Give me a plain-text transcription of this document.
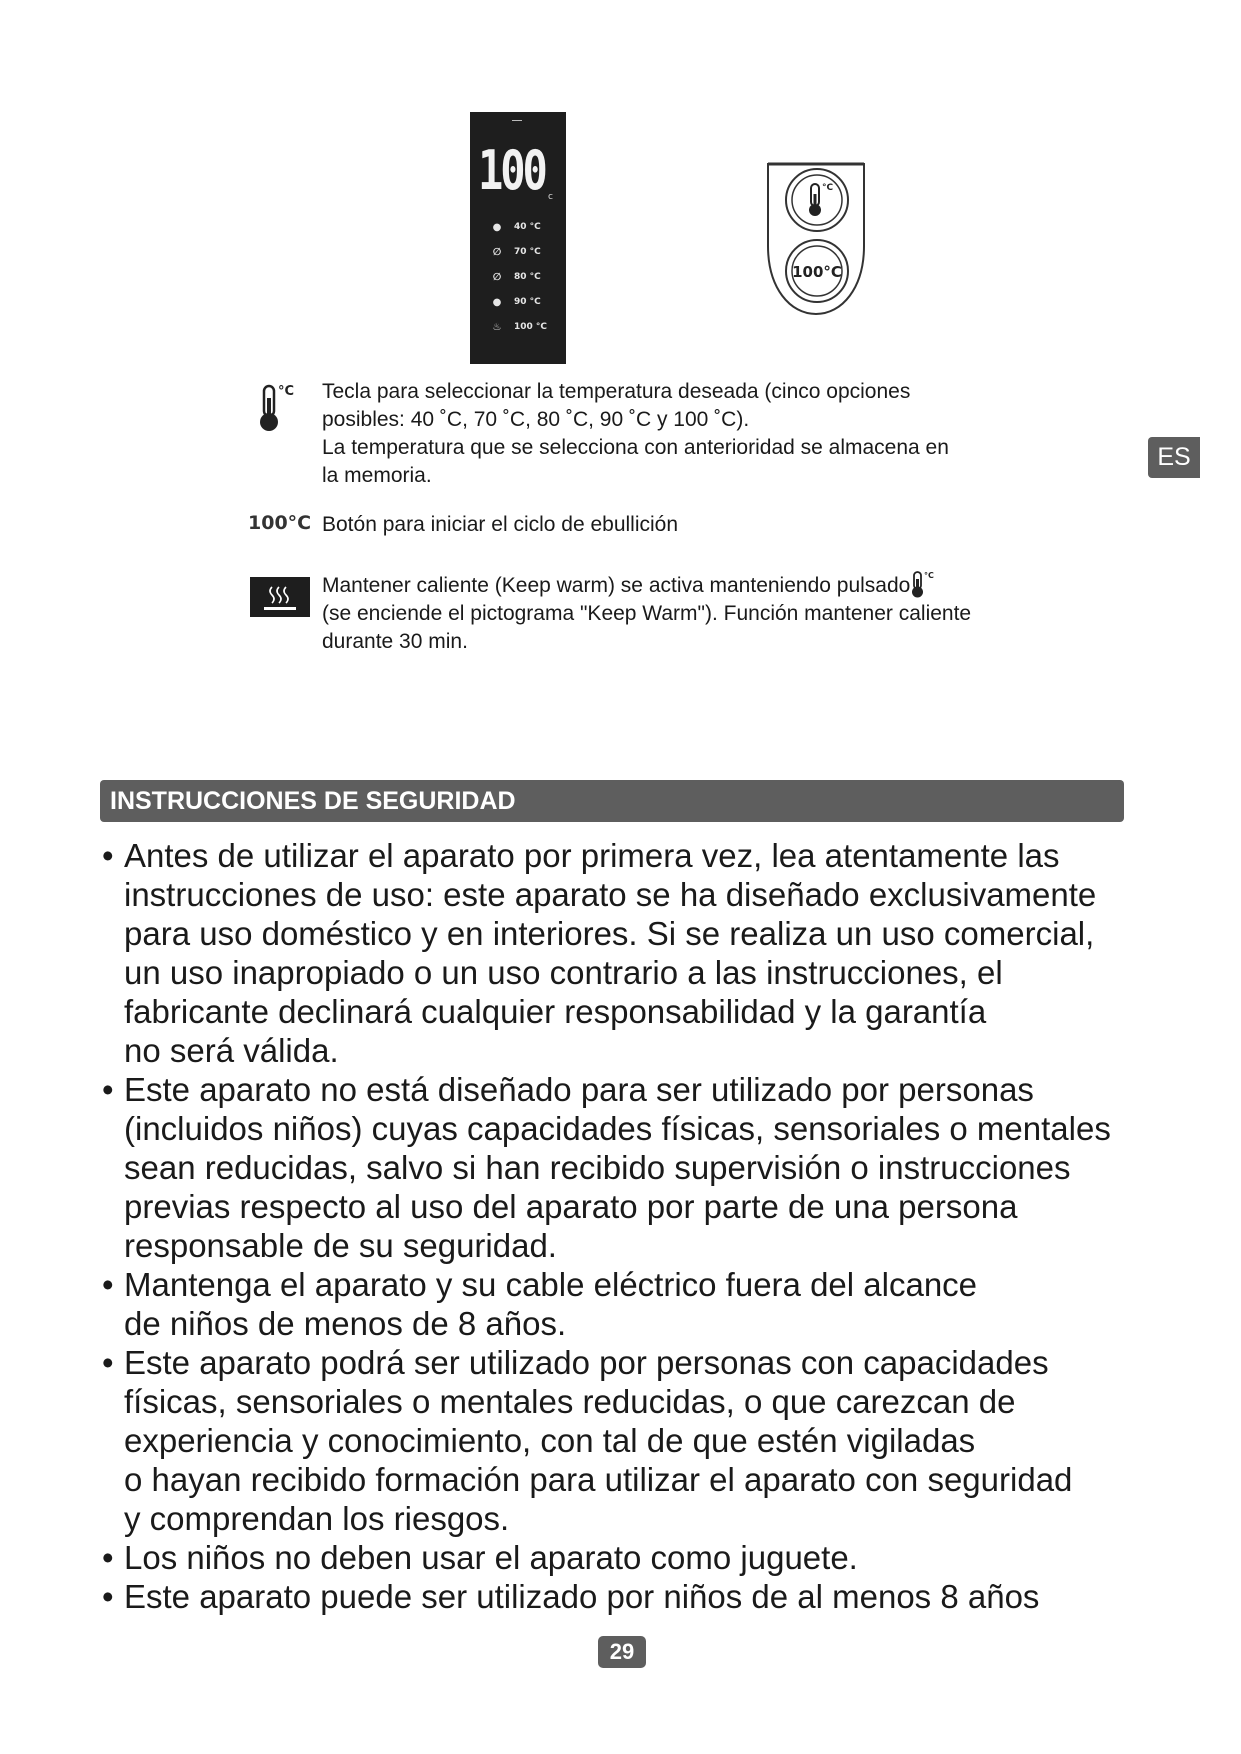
100 c
● 40 °C
∅	70 °C
∅	80 °C
● 90 °C
♨ 100 °C
°C
100°C
°C Tecla para seleccionar la temperatura deseada (cinco opciones
posibles: 40 ˚C, 70 ˚C, 80 ˚C, 90 ˚C y 100 ˚C).
La temperatura que se selecciona con anterioridad se almacena en
la memoria.
100°C Botón para iniciar el ciclo de ebullición
Mantener caliente (Keep warm) se activa manteniendo pulsado °C
(se enciende el pictograma "Keep Warm"). Función mantener caliente
durante 30 min.
ES
INSTRUCCIONES DE SEGURIDAD
• Antes de utilizar el aparato por primera vez, lea atentamente las
instrucciones de uso: este aparato se ha diseñado exclusivamente
para uso doméstico y en interiores. Si se realiza un uso comercial,
un uso inapropiado o un uso contrario a las instrucciones, el
fabricante declinará cualquier responsabilidad y la garantía
no será válida.
• Este aparato no está diseñado para ser utilizado por personas
(incluidos niños) cuyas capacidades físicas, sensoriales o mentales
sean reducidas, salvo si han recibido supervisión o instrucciones
previas respecto al uso del aparato por parte de una persona
responsable de su seguridad.
• Mantenga el aparato y su cable eléctrico fuera del alcance
de niños de menos de 8 años.
• Este aparato podrá ser utilizado por personas con capacidades
físicas, sensoriales o mentales reducidas, o que carezcan de
experiencia y conocimiento, con tal de que estén vigiladas
o hayan recibido formación para utilizar el aparato con seguridad
y comprendan los riesgos.
• Los niños no deben usar el aparato como juguete.
• Este aparato puede ser utilizado por niños de al menos 8 años
29
